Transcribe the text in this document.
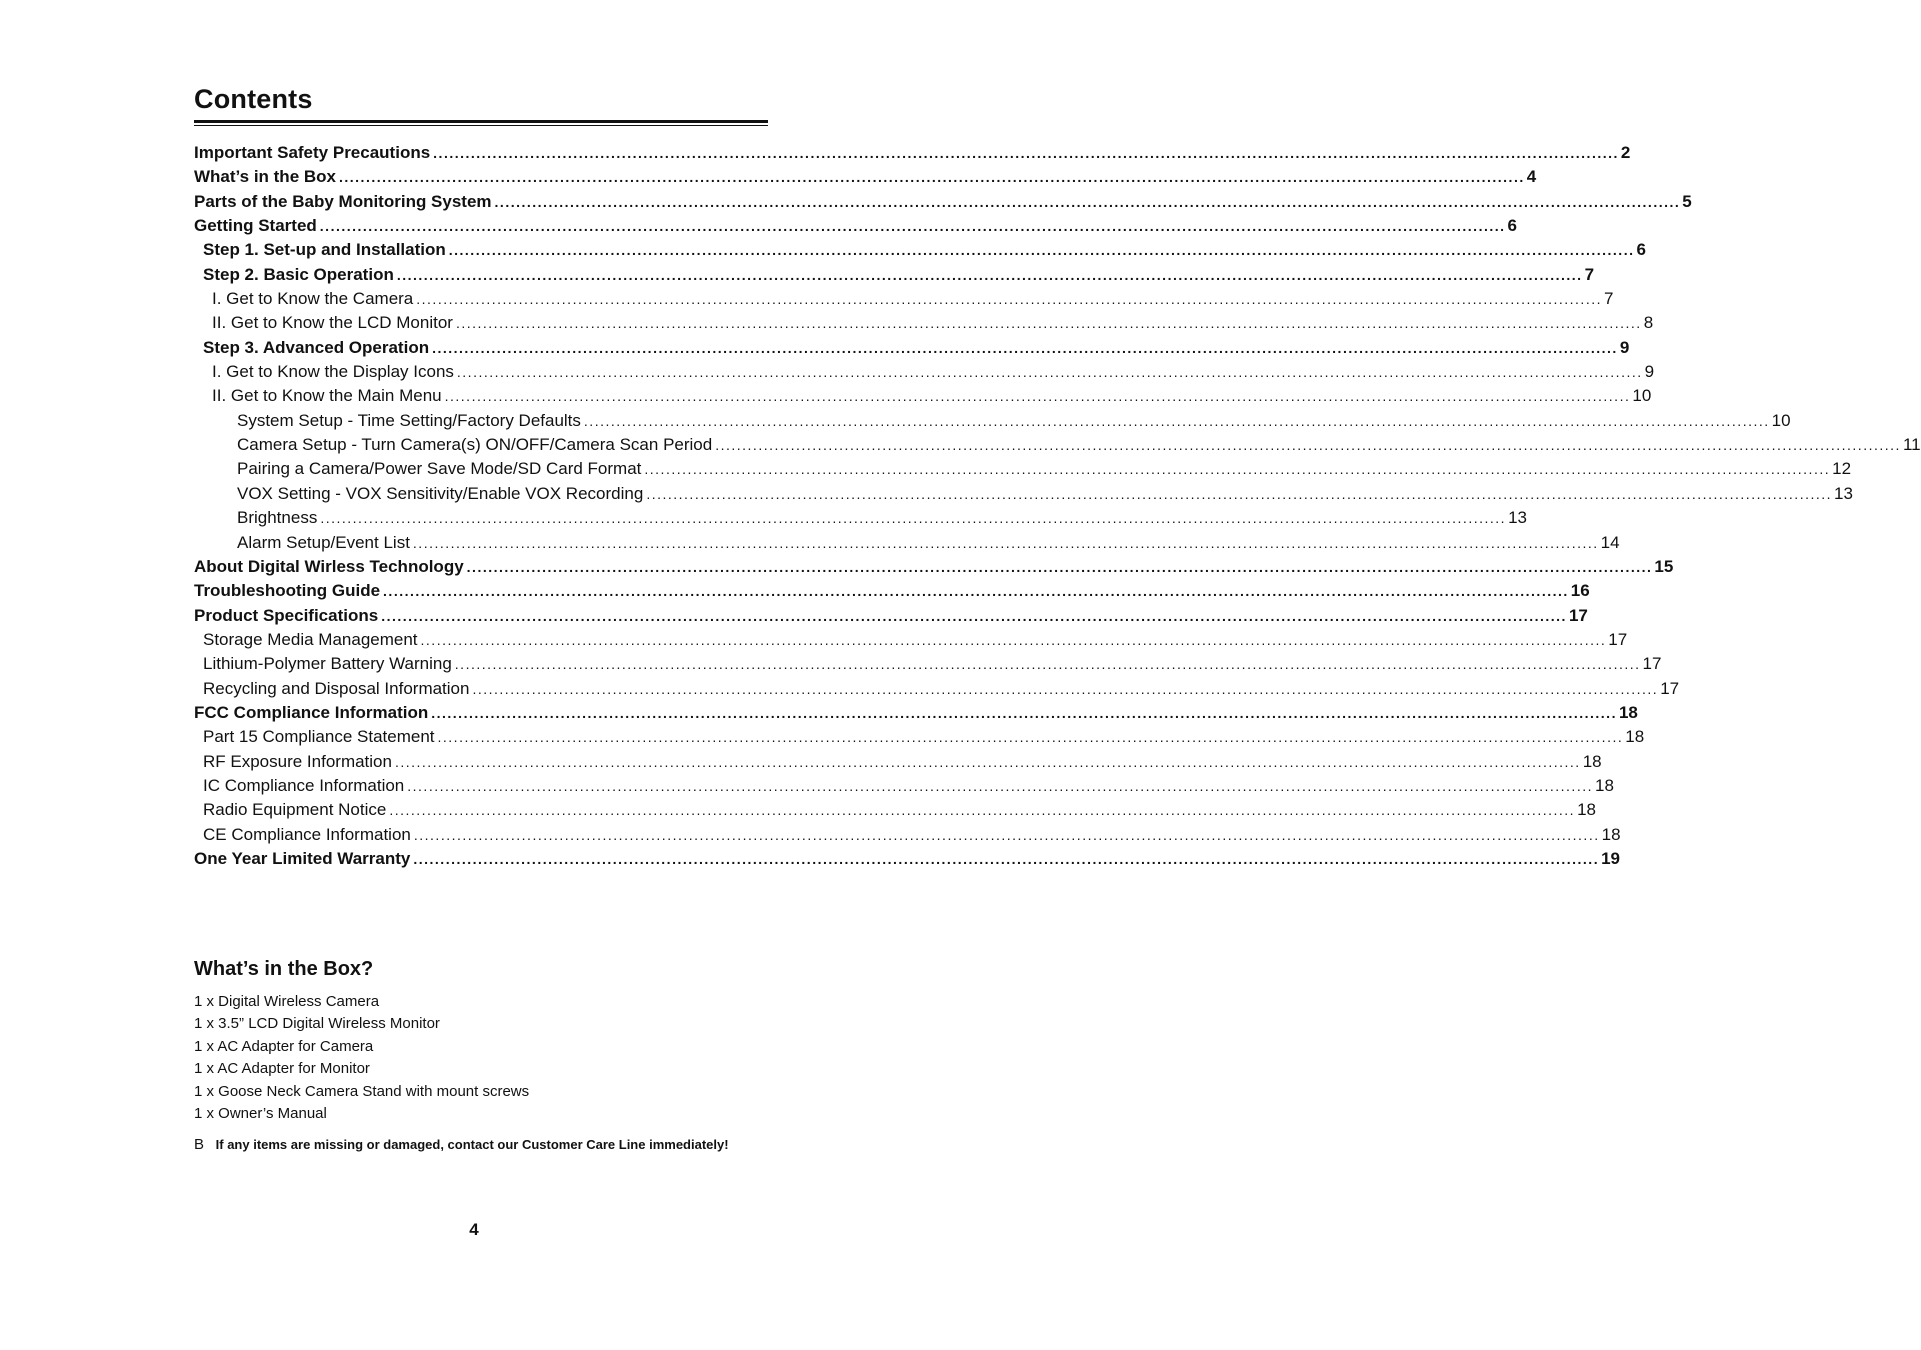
Contents
Important Safety Precautions ............................................................................................................................................................................................................................ 2
What’s in the Box ............................................................................................................................................................................................................................ 4
Parts of the Baby Monitoring System ............................................................................................................................................................................................................................ 5
Getting Started ............................................................................................................................................................................................................................ 6
Step 1. Set-up and Installation ............................................................................................................................................................................................................................ 6
Step 2. Basic Operation ............................................................................................................................................................................................................................ 7
I. Get to Know the Camera ............................................................................................................................................................................................................................ 7
II. Get to Know the LCD Monitor ............................................................................................................................................................................................................................ 8
Step 3. Advanced Operation ............................................................................................................................................................................................................................ 9
I. Get to Know the Display Icons ............................................................................................................................................................................................................................ 9
II. Get to Know the Main Menu ............................................................................................................................................................................................................................ 10
System Setup - Time Setting/Factory Defaults ............................................................................................................................................................................................................................ 10
Camera Setup - Turn Camera(s) ON/OFF/Camera Scan Period ............................................................................................................................................................................................................................ 11
Pairing a Camera/Power Save Mode/SD Card Format ............................................................................................................................................................................................................................ 12
VOX Setting - VOX Sensitivity/Enable VOX Recording ............................................................................................................................................................................................................................ 13
Brightness ............................................................................................................................................................................................................................ 13
Alarm Setup/Event List ............................................................................................................................................................................................................................ 14
About Digital Wirless Technology ............................................................................................................................................................................................................................ 15
Troubleshooting Guide ............................................................................................................................................................................................................................ 16
Product Specifications ............................................................................................................................................................................................................................ 17
Storage Media Management ............................................................................................................................................................................................................................ 17
Lithium-Polymer Battery Warning ............................................................................................................................................................................................................................ 17
Recycling and Disposal Information ............................................................................................................................................................................................................................ 17
FCC Compliance Information ............................................................................................................................................................................................................................ 18
Part 15 Compliance Statement ............................................................................................................................................................................................................................ 18
RF Exposure Information ............................................................................................................................................................................................................................ 18
IC Compliance Information ............................................................................................................................................................................................................................ 18
Radio Equipment Notice ............................................................................................................................................................................................................................ 18
CE Compliance Information ............................................................................................................................................................................................................................ 18
One Year Limited Warranty ............................................................................................................................................................................................................................ 19
What’s in the Box?
1 x Digital Wireless Camera
1 x 3.5” LCD Digital Wireless Monitor
1 x AC Adapter for Camera
1 x AC Adapter for Monitor
1 x Goose Neck Camera Stand with mount screws
1 x Owner’s Manual
B If any items are missing or damaged, contact our Customer Care Line immediately!
4
